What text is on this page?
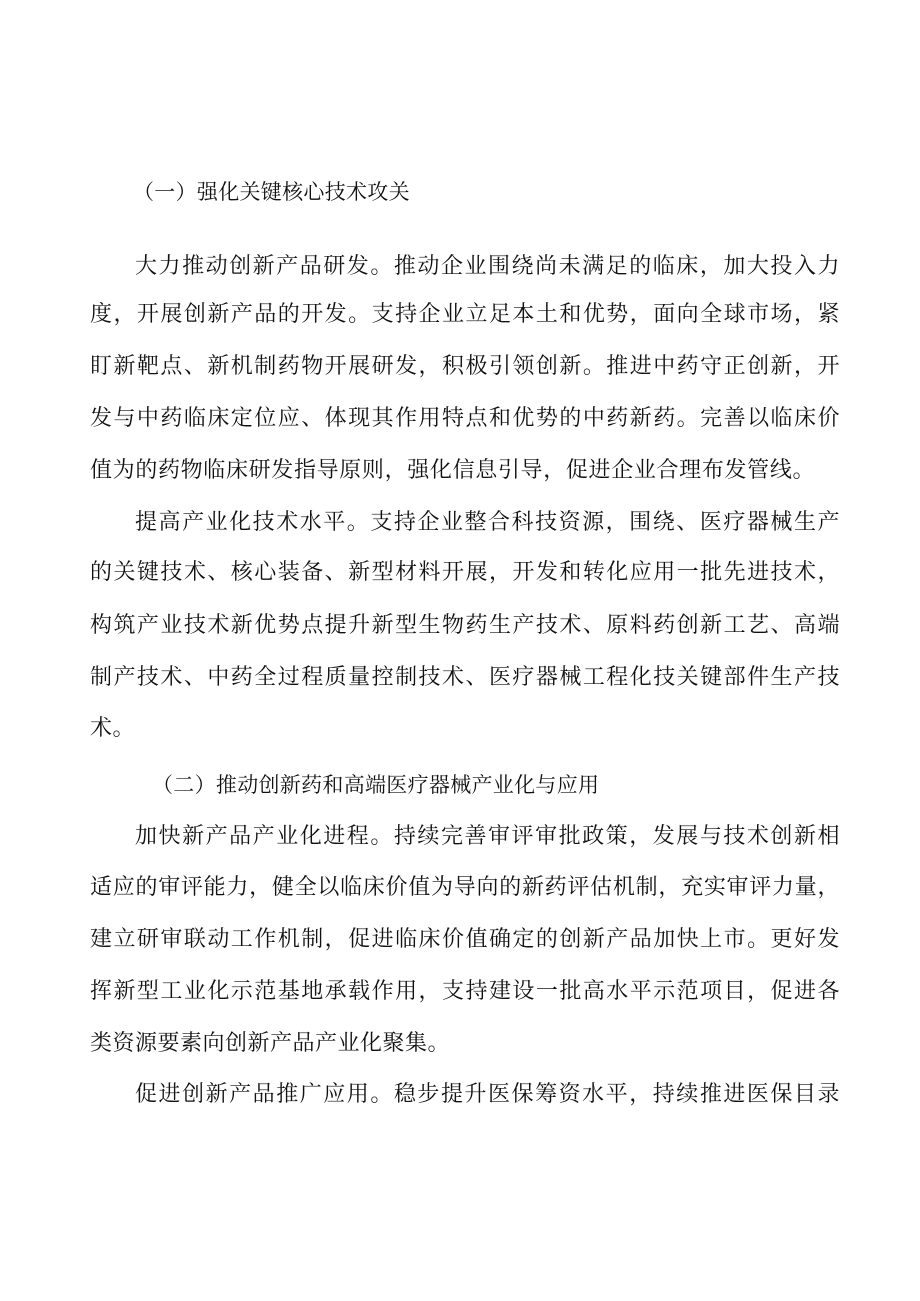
（一）强化关键核心技术攻关
大力推动创新产品研发。推动企业围绕尚未满足的临床，加大投入力
度，开展创新产品的开发。支持企业立足本土和优势，面向全球市场，紧
盯新靶点、新机制药物开展研发，积极引领创新。推进中药守正创新，开
发与中药临床定位应、体现其作用特点和优势的中药新药。完善以临床价
值为的药物临床研发指导原则，强化信息引导，促进企业合理布发管线。
提高产业化技术水平。支持企业整合科技资源，围绕、医疗器械生产
的关键技术、核心装备、新型材料开展，开发和转化应用一批先进技术，
构筑产业技术新优势点提升新型生物药生产技术、原料药创新工艺、高端
制产技术、中药全过程质量控制技术、医疗器械工程化技关键部件生产技
术。
（二）推动创新药和高端医疗器械产业化与应用
加快新产品产业化进程。持续完善审评审批政策，发展与技术创新相
适应的审评能力，健全以临床价值为导向的新药评估机制，充实审评力量，
建立研审联动工作机制，促进临床价值确定的创新产品加快上市。更好发
挥新型工业化示范基地承载作用，支持建设一批高水平示范项目，促进各
类资源要素向创新产品产业化聚集。
促进创新产品推广应用。稳步提升医保筹资水平，持续推进医保目录
